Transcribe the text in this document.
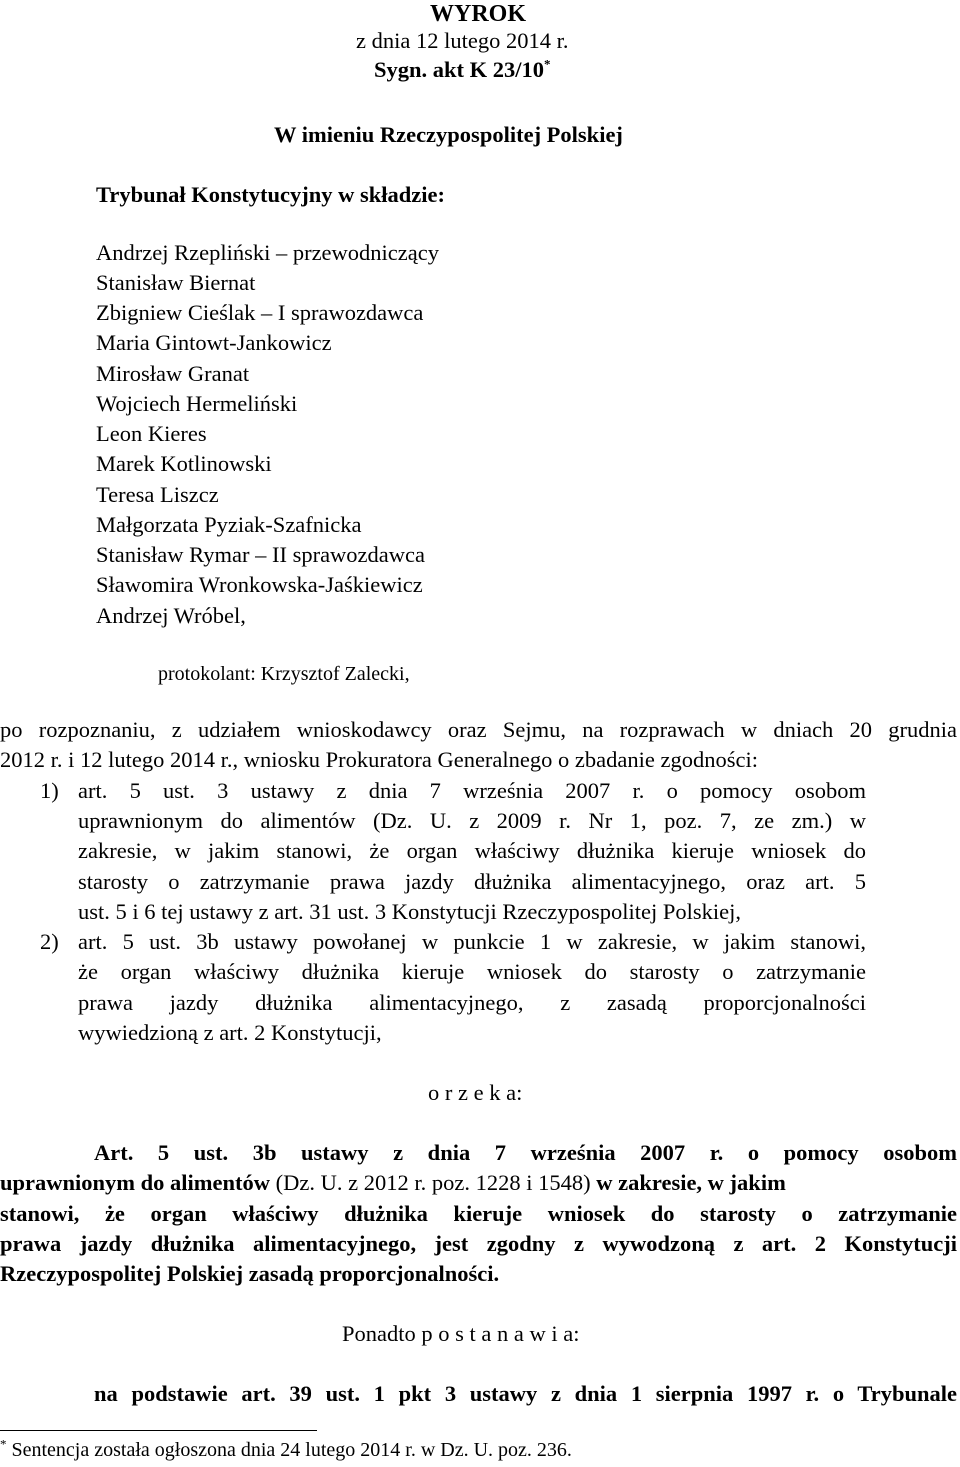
WYROK
z dnia 12 lutego 2014 r.
Sygn. akt K 23/10*
W imieniu Rzeczypospolitej Polskiej
Trybunał Konstytucyjny w składzie:
Andrzej Rzepliński – przewodniczący
Stanisław Biernat
Zbigniew Cieślak – I sprawozdawca
Maria Gintowt-Jankowicz
Mirosław Granat
Wojciech Hermeliński
Leon Kieres
Marek Kotlinowski
Teresa Liszcz
Małgorzata Pyziak-Szafnicka
Stanisław Rymar – II sprawozdawca
Sławomira Wronkowska-Jaśkiewicz
Andrzej Wróbel,
protokolant: Krzysztof Zalecki,
po rozpoznaniu, z udziałem wnioskodawcy oraz Sejmu, na rozprawach w dniach 20 grudnia
2012 r. i 12 lutego 2014 r., wniosku Prokuratora Generalnego o zbadanie zgodności:
1) art. 5 ust. 3 ustawy z dnia 7 września 2007 r. o pomocy osobom
uprawnionym do alimentów (Dz. U. z 2009 r. Nr 1, poz. 7, ze zm.) w
zakresie, w jakim stanowi, że organ właściwy dłużnika kieruje wniosek do
starosty o zatrzymanie prawa jazdy dłużnika alimentacyjnego, oraz art. 5
ust. 5 i 6 tej ustawy z art. 31 ust. 3 Konstytucji Rzeczypospolitej Polskiej,
2) art. 5 ust. 3b ustawy powołanej w punkcie 1 w zakresie, w jakim stanowi,
że organ właściwy dłużnika kieruje wniosek do starosty o zatrzymanie
prawa jazdy dłużnika alimentacyjnego, z zasadą proporcjonalności
wywiedzioną z art. 2 Konstytucji,
o r z e k a:
Art. 5 ust. 3b ustawy z dnia 7 września 2007 r. o pomocy osobom
uprawnionym do alimentów (Dz. U. z 2012 r. poz. 1228 i 1548) w zakresie, w jakim
stanowi, że organ właściwy dłużnika kieruje wniosek do starosty o zatrzymanie
prawa jazdy dłużnika alimentacyjnego, jest zgodny z wywodzoną z art. 2 Konstytucji
Rzeczypospolitej Polskiej zasadą proporcjonalności.
Ponadto p o s t a n a w i a:
na podstawie art. 39 ust. 1 pkt 3 ustawy z dnia 1 sierpnia 1997 r. o Trybunale
* Sentencja została ogłoszona dnia 24 lutego 2014 r. w Dz. U. poz. 236.
